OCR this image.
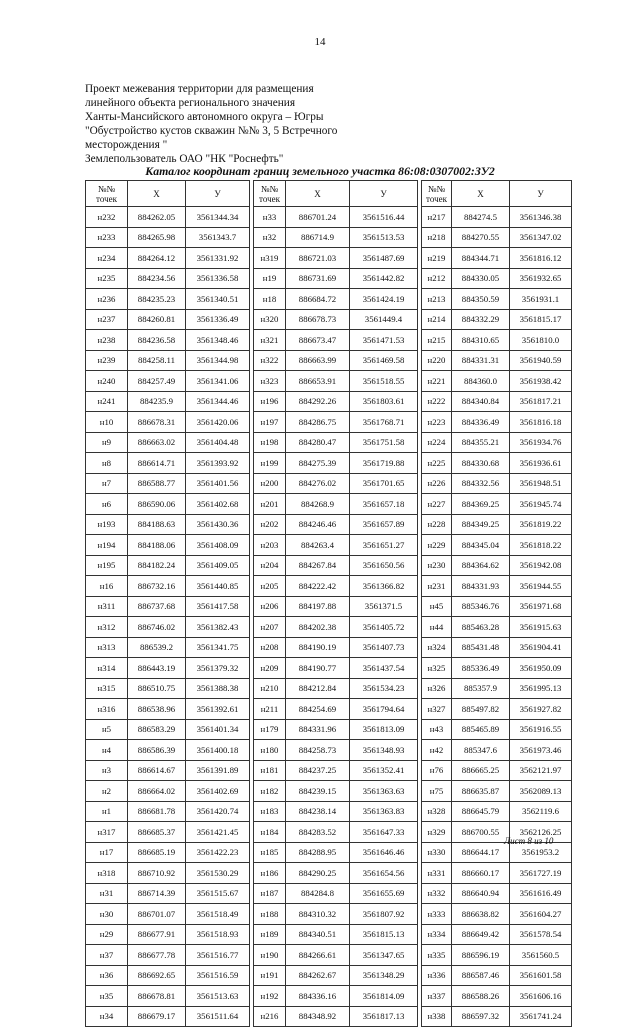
14
Проект межевания территории для размещения
линейного объекта регионального значения
Ханты-Мансийского автономного округа – Югры
"Обустройство кустов скважин №№ 3, 5 Встречного
месторождения "
Землепользователь ОАО "НК "Роснефть"
Каталог координат границ земельного участка 86:08:0307002:ЗУ2
№№ точек	X	У
н232	884262.05	3561344.34
н233	884265.98	3561343.7
н234	884264.12	3561331.92
н235	884234.56	3561336.58
н236	884235.23	3561340.51
н237	884260.81	3561336.49
н238	884236.58	3561348.46
н239	884258.11	3561344.98
н240	884257.49	3561341.06
н241	884235.9	3561344.46
н10	886678.31	3561420.06
н9	886663.02	3561404.48
н8	886614.71	3561393.92
н7	886588.77	3561401.56
н6	886590.06	3561402.68
н193	884188.63	3561430.36
н194	884188.06	3561408.09
н195	884182.24	3561409.05
н16	886732.16	3561440.85
н311	886737.68	3561417.58
н312	886746.02	3561382.43
н313	886539.2	3561341.75
н314	886443.19	3561379.32
н315	886510.75	3561388.38
н316	886538.96	3561392.61
н5	886583.29	3561401.34
н4	886586.39	3561400.18
н3	886614.67	3561391.89
н2	886664.02	3561402.69
н1	886681.78	3561420.74
н317	886685.37	3561421.45
н17	886685.19	3561422.23
н318	886710.92	3561530.29
н31	886714.39	3561515.67
н30	886701.07	3561518.49
н29	886677.91	3561518.93
н37	886677.78	3561516.77
н36	886692.65	3561516.59
н35	886678.81	3561513.63
н34	886679.17	3561511.64
№№ точек	X	У
н33	886701.24	3561516.44
н32	886714.9	3561513.53
н319	886721.03	3561487.69
н19	886731.69	3561442.82
н18	886684.72	3561424.19
н320	886678.73	3561449.4
н321	886673.47	3561471.53
н322	886663.99	3561469.58
н323	886653.91	3561518.55
н196	884292.26	3561803.61
н197	884286.75	3561768.71
н198	884280.47	3561751.58
н199	884275.39	3561719.88
н200	884276.02	3561701.65
н201	884268.9	3561657.18
н202	884246.46	3561657.89
н203	884263.4	3561651.27
н204	884267.84	3561650.56
н205	884222.42	3561366.82
н206	884197.88	3561371.5
н207	884202.38	3561405.72
н208	884190.19	3561407.73
н209	884190.77	3561437.54
н210	884212.84	3561534.23
н211	884254.69	3561794.64
н179	884331.96	3561813.09
н180	884258.73	3561348.93
н181	884237.25	3561352.41
н182	884239.15	3561363.63
н183	884238.14	3561363.83
н184	884283.52	3561647.33
н185	884288.95	3561646.46
н186	884290.25	3561654.56
н187	884284.8	3561655.69
н188	884310.32	3561807.92
н189	884340.51	3561815.13
н190	884266.61	3561347.65
н191	884262.67	3561348.29
н192	884336.16	3561814.09
н216	884348.92	3561817.13
№№ точек	X	У
н217	884274.5	3561346.38
н218	884270.55	3561347.02
н219	884344.71	3561816.12
н212	884330.05	3561932.65
н213	884350.59	3561931.1
н214	884332.29	3561815.17
н215	884310.65	3561810.0
н220	884331.31	3561940.59
н221	884360.0	3561938.42
н222	884340.84	3561817.21
н223	884336.49	3561816.18
н224	884355.21	3561934.76
н225	884330.68	3561936.61
н226	884332.56	3561948.51
н227	884369.25	3561945.74
н228	884349.25	3561819.22
н229	884345.04	3561818.22
н230	884364.62	3561942.08
н231	884331.93	3561944.55
н45	885346.76	3561971.68
н44	885463.28	3561915.63
н324	885431.48	3561904.41
н325	885336.49	3561950.09
н326	885357.9	3561995.13
н327	885497.82	3561927.82
н43	885465.89	3561916.55
н42	885347.6	3561973.46
н76	886665.25	3562121.97
н75	886635.87	3562089.13
н328	886645.79	3562119.6
н329	886700.55	3562126.25
н330	886644.17	3561953.2
н331	886660.17	3561727.19
н332	886640.94	3561616.49
н333	886638.82	3561604.27
н334	886649.42	3561578.54
н335	886596.19	3561560.5
н336	886587.46	3561601.58
н337	886588.26	3561606.16
н338	886597.32	3561741.24
Лист 8 из 10
